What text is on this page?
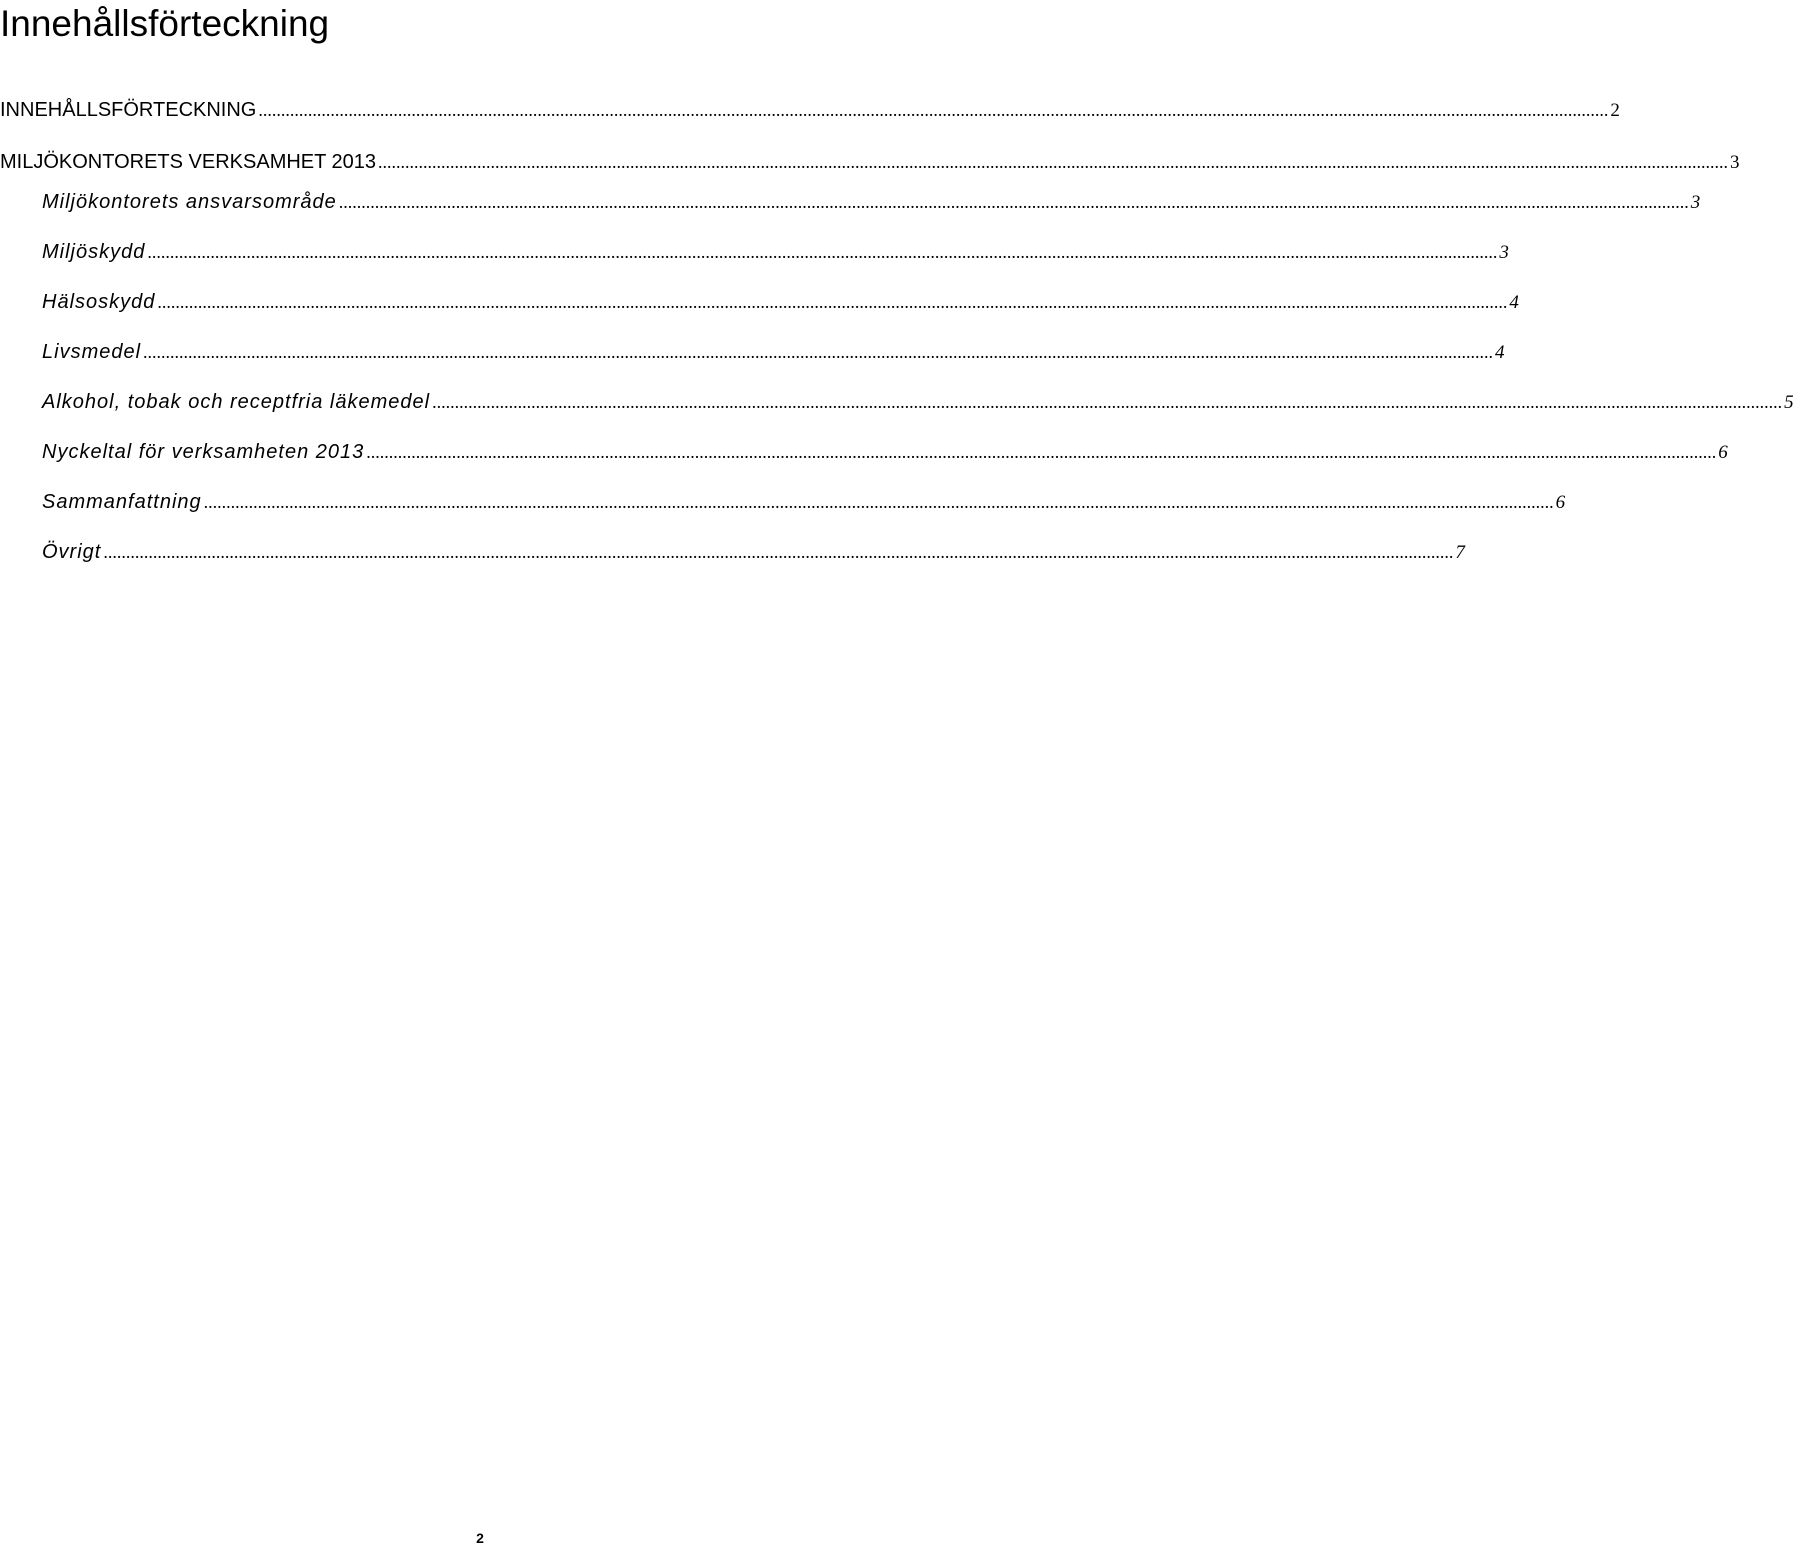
Innehållsförteckning
INNEHÅLLSFÖRTECKNING ............................................................................................................................................................................................................................................................................................................ 2
MILJÖKONTORETS VERKSAMHET 2013 ............................................................................................................................................................................................................................................................................................................ 3
Miljökontorets ansvarsområde ............................................................................................................................................................................................................................................................................................................ 3
Miljöskydd ............................................................................................................................................................................................................................................................................................................ 3
Hälsoskydd ............................................................................................................................................................................................................................................................................................................ 4
Livsmedel ............................................................................................................................................................................................................................................................................................................ 4
Alkohol, tobak och receptfria läkemedel ............................................................................................................................................................................................................................................................................................................ 5
Nyckeltal för verksamheten 2013 ............................................................................................................................................................................................................................................................................................................ 6
Sammanfattning ............................................................................................................................................................................................................................................................................................................ 6
Övrigt ............................................................................................................................................................................................................................................................................................................ 7
2
